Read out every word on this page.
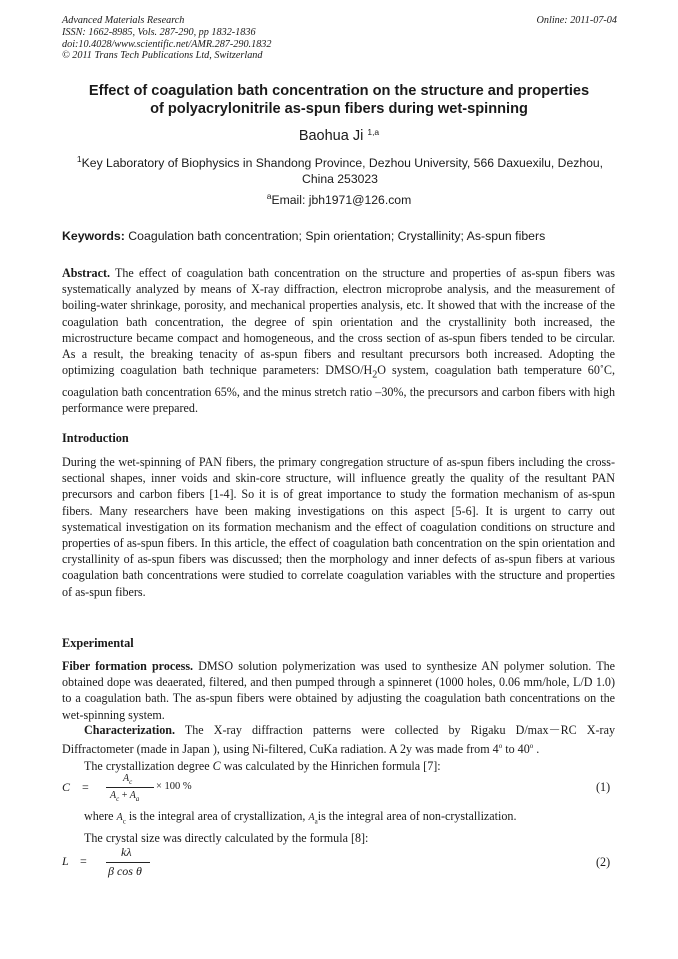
Advanced Materials Research
ISSN: 1662-8985, Vols. 287-290, pp 1832-1836
doi:10.4028/www.scientific.net/AMR.287-290.1832
© 2011 Trans Tech Publications Ltd, Switzerland
Online: 2011-07-04
Effect of coagulation bath concentration on the structure and properties
of polyacrylonitrile as-spun fibers during wet-spinning
Baohua Ji $^{1,a}$
$^1$Key Laboratory of Biophysics in Shandong Province, Dezhou University, 566 Daxuexilu, Dezhou,
China 253023
$^a$Email: jbh1971@126.com
Keywords: Coagulation bath concentration; Spin orientation; Crystallinity; As-spun fibers
Abstract. The effect of coagulation bath concentration on the structure and properties of as-spun fibers was systematically analyzed by means of X-ray diffraction, electron microprobe analysis, and the measurement of boiling-water shrinkage, porosity, and mechanical properties analysis, etc. It showed that with the increase of the coagulation bath concentration, the degree of spin orientation and the crystallinity both increased, the microstructure became compact and homogeneous, and the cross section of as-spun fibers tended to be circular. As a result, the breaking tenacity of as-spun fibers and resultant precursors both increased. Adopting the optimizing coagulation bath technique parameters: DMSO/$H_2O$ system, coagulation bath temperature 60˚C, coagulation bath concentration 65%, and the minus stretch ratio –30%, the precursors and carbon fibers with high performance were prepared.
Introduction
During the wet-spinning of PAN fibers, the primary congregation structure of as-spun fibers including the cross-sectional shapes, inner voids and skin-core structure, will influence greatly the quality of the resultant PAN precursors and carbon fibers [1-4]. So it is of great importance to study the formation mechanism of as-spun fibers. Many researchers have been making investigations on this aspect [5-6]. It is urgent to carry out systematical investigation on its formation mechanism and the effect of coagulation conditions on structure and properties of as-spun fibers. In this article, the effect of coagulation bath concentration on the spin orientation and crystallinity of as-spun fibers was discussed; then the morphology and inner defects of as-spun fibers at various coagulation bath concentrations were studied to correlate coagulation variables with the structure and properties of as-spun fibers.
Experimental
Fiber formation process. DMSO solution polymerization was used to synthesize AN polymer solution. The obtained dope was deaerated, filtered, and then pumped through a spinneret (1000 holes, 0.06 mm/hole, L/D 1.0) to a coagulation bath. The as-spun fibers were obtained by adjusting the coagulation bath concentrations on the wet-spinning system.
Characterization. The X-ray diffraction patterns were collected by Rigaku D/max－RC X-ray Diffractometer (made in Japan ), using Ni-filtered, CuKa radiation. A 2y was made from 4$^o$ to 40$^o$ .
The crystallization degree C was calculated by the Hinrichen formula [7]:
C =
$A_c$
$A_c + A_a$
× 100 %	(1)
where $A_c$ is the integral area of crystallization, $A_ais$ the integral area of non-crystallization.
The crystal size was directly calculated by the formula [8]:
L =
kλ
β cos θ
(2)
